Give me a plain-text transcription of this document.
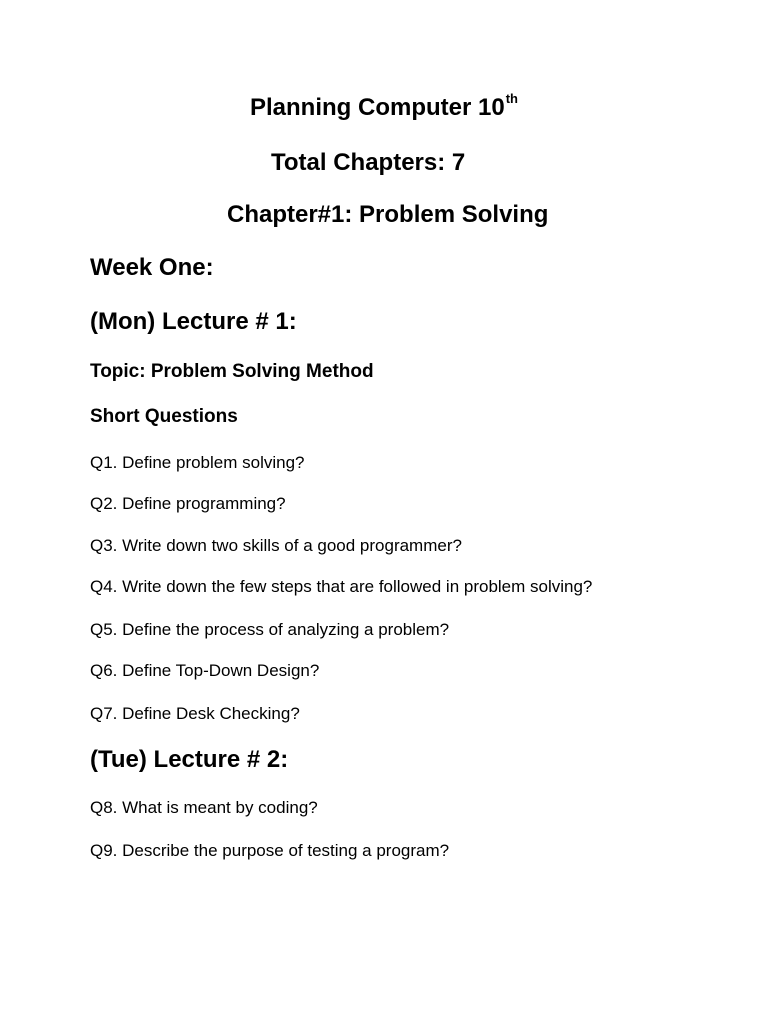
Planning Computer 10th
Total Chapters: 7
Chapter#1: Problem Solving
Week One:
(Mon) Lecture # 1:

Topic: Problem Solving Method

Short Questions

Q1. Define problem solving?

Q2. Define programming?

Q3. Write down two skills of a good programmer?

Q4. Write down the few steps that are followed in problem solving?

Q5. Define the process of analyzing a problem?

Q6. Define Top-Down Design?

Q7. Define Desk Checking?

(Tue) Lecture # 2:

Q8. What is meant by coding?

Q9. Describe the purpose of testing a program?
